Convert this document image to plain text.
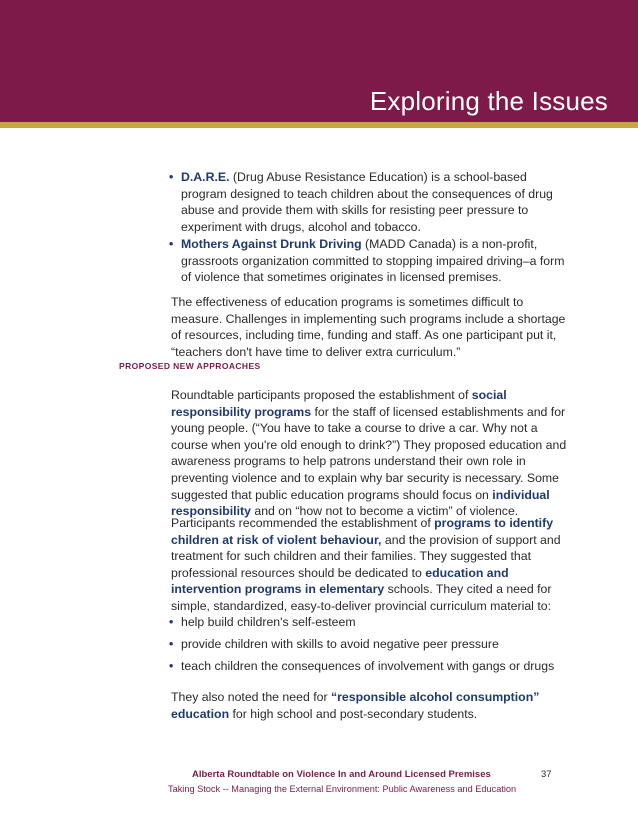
Exploring the Issues

• D.A.R.E. (Drug Abuse Resistance Education) is a school-based program designed to teach children about the consequences of drug abuse and provide them with skills for resisting peer pressure to experiment with drugs, alcohol and tobacco.

• Mothers Against Drunk Driving (MADD Canada) is a non-profit, grassroots organization committed to stopping impaired driving–a form of violence that sometimes originates in licensed premises.

The effectiveness of education programs is sometimes difficult to measure. Challenges in implementing such programs include a shortage of resources, including time, funding and staff. As one participant put it, “teachers don't have time to deliver extra curriculum.”

PROPOSED NEW APPROACHES

Roundtable participants proposed the establishment of social responsibility programs for the staff of licensed establishments and for young people. (“You have to take a course to drive a car. Why not a course when you're old enough to drink?”) They proposed education and awareness programs to help patrons understand their own role in preventing violence and to explain why bar security is necessary. Some suggested that public education programs should focus on individual responsibility and on “how not to become a victim” of violence.

Participants recommended the establishment of programs to identify children at risk of violent behaviour, and the provision of support and treatment for such children and their families. They suggested that professional resources should be dedicated to education and intervention programs in elementary schools. They cited a need for simple, standardized, easy-to-deliver provincial curriculum material to:

• help build children's self-esteem

• provide children with skills to avoid negative peer pressure

• teach children the consequences of involvement with gangs or drugs

They also noted the need for “responsible alcohol consumption” education for high school and post-secondary students.

Alberta Roundtable on Violence In and Around Licensed Premises	37

Taking Stock -- Managing the External Environment: Public Awareness and Education
